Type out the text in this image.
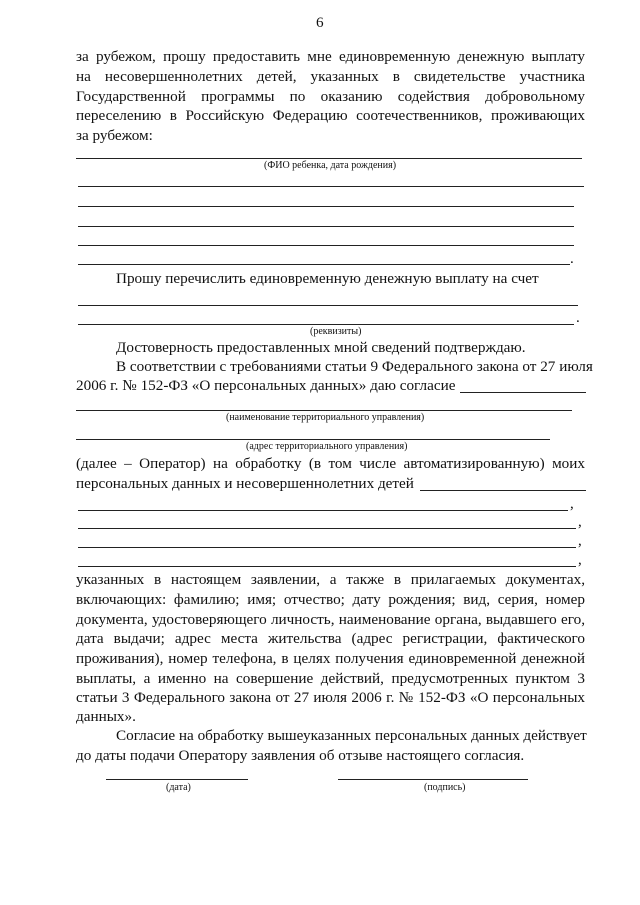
6
за рубежом, прошу предоставить мне единовременную денежную выплату
на несовершеннолетних детей, указанных в свидетельстве участника
Государственной программы по оказанию содействия добровольному
переселению в Российскую Федерацию соотечественников, проживающих
за рубежом:
(ФИО ребенка, дата рождения)
.
Прошу перечислить единовременную денежную выплату на счет
.
(реквизиты)
Достоверность предоставленных мной сведений подтверждаю.
В соответствии с требованиями статьи 9 Федерального закона от 27 июля
2006 г. № 152-ФЗ «О персональных данных» даю согласие
(наименование территориального управления)
(адрес территориального управления)
(далее – Оператор) на обработку (в том числе автоматизированную) моих
персональных данных и несовершеннолетних детей
,
,
,
,
указанных в настоящем заявлении, а также в прилагаемых документах,
включающих: фамилию; имя; отчество; дату рождения; вид, серия, номер
документа, удостоверяющего личность, наименование органа, выдавшего его,
дата выдачи; адрес места жительства (адрес регистрации, фактического
проживания), номер телефона, в целях получения единовременной денежной
выплаты, а именно на совершение действий, предусмотренных пунктом 3
статьи 3 Федерального закона от 27 июля 2006 г. № 152-ФЗ «О персональных
данных».
Согласие на обработку вышеуказанных персональных данных действует
до даты подачи Оператору заявления об отзыве настоящего согласия.
(дата)	(подпись)
